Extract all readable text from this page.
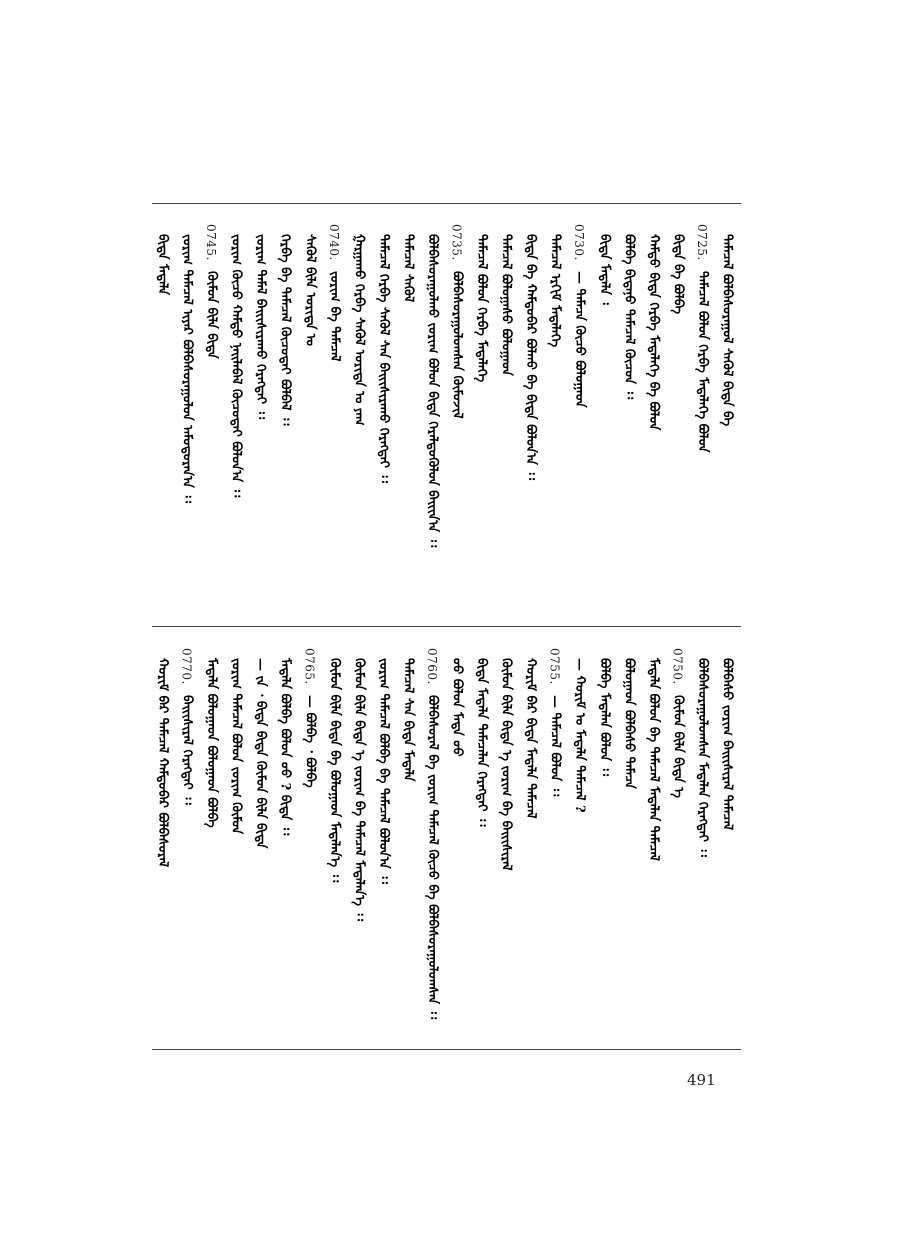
ᠪᠢᠳᠡ ᠮᠠᠳᠡᠯᠡ ᠵᠣᠷᠢᠭ ᠲᠡᠮᠡᠴᠡᠯ ᠢᠶᠡᠷ ᠪᠣᠯᠪᠠᠰᠤᠷᠠᠭᠤᠯᠤᠨ ᠠᠮᠤᠳᠤᠷᠠᠨ᠎ᠠ ᠄᠄ 0745.ᠬᠦᠮᠦᠨ ᠪᠢᠯᠡ ᠪᠢᠳᠡ ᠵᠣᠷᠢᠭ ᠬᠦᠴᠦ ᠬᠠᠮᠲᠤ ᠨᠡᠢᠯᠡᠪᠡᠯ ᠬᠦᠴᠦᠲᠡᠢ ᠪᠣᠯᠤᠨ᠎ᠠ ᠄᠄ ᠵᠣᠷᠢᠭ ᠲᠡᠮᠡᠯ ᠪᠠᠢᠢᠰᠢᠷᠠᠬᠤ ᠬᠡᠷᠡᠭᠲᠡᠢ ᠄᠄ ᠬᠡᠷᠪᠡ ᠪᠠ ᠲᠡᠮᠡᠴᠡᠯ ᠬᠦᠴᠦᠲᠡᠢ ᠪᠣᠯᠪᠠᠯ ᠄᠄ ᠰᠡᠭᠦᠯ ᠪᠢᠯᠡ ᠤᠷᠢᠳᠠ ᠤ 0740.ᠵᠣᠷᠢᠭ ᠪᠠ ᠲᠡᠮᠡᠴᠡᠯ ᠭᠠᠷᠭᠠᠬᠤ ᠬᠡᠷᠪᠡ ᠰᠡᠭᠦᠯ ᠤᠷᠢᠳᠠ ᠤ ᠶᠠᠭ ᠲᠡᠮᠡᠴᠡᠯ ᠬᠡᠷᠪᠡ ᠰᠡᠭᠦᠯ ᠰᠠᠨ ᠪᠠᠢᠢᠰᠢᠷᠠᠬᠤ ᠬᠡᠷᠡᠭᠲᠡᠢ ᠄᠄ ᠲᠡᠮᠡᠴᠡᠯ ᠰᠡᠭᠦᠯ ᠪᠣᠯᠪᠠᠰᠤᠷᠠᠭᠤᠯᠬᠤ ᠵᠣᠷᠢᠭ ᠪᠣᠯᠤᠨ ᠪᠢᠳᠡ ᠭᠡᠷᠡᠯᠲᠦᠭᠦᠯᠦᠨ ᠪᠠᠢᠢᠨ᠎ᠠ ᠄᠄ 0735.ᠪᠣᠯᠪᠠᠰᠤᠷᠠᠭᠤᠯᠤᠭᠰᠠᠨ ᠬᠦᠮᠦᠵᠢᠯ ᠲᠡᠮᠡᠴᠡᠯ ᠪᠣᠯᠤᠨ ᠬᠡᠷᠪᠡ ᠮᠠᠳᠡᠯᠡᠭᠡ ᠲᠡᠮᠡᠴᠡᠯ ᠪᠣᠯᠤᠭᠠᠰᠤ ᠪᠣᠯᠤᠭᠠᠳ ᠪᠢᠳᠡ ᠪᠠ ᠬᠠᠮᠲᠤᠪᠠᠷ ᠪᠣᠯᠬᠤ ᠪᠠ ᠪᠢᠳᠡ ᠪᠣᠯᠤᠨ᠎ᠠ ᠄᠄ ᠲᠡᠮᠡᠴᠡᠯ ᠡᠷᠬᠢᠮ ᠮᠠᠳᠡᠯᠡᠭᠡ 0730.— ᠲᠡᠮᠡᠴᠡ ᠬᠦᠴᠦ ᠪᠣᠯᠤᠭᠠᠳ
ᠪᠢᠳᠡ ᠮᠠᠳᠡᠯᠡ ᠄ ᠪᠣᠯᠪᠠ ᠪᠢᠳᠡᠨᠦ ᠲᠡᠮᠡᠴᠡᠯ ᠬᠦᠴᠦᠨ ᠄᠄ ᠬᠠᠮᠲᠤ ᠪᠢᠳᠡ ᠬᠡᠷᠪᠡ ᠮᠠᠳᠡᠯᠡᠭᠡ ᠪᠠ ᠪᠣᠯᠤᠨ ᠪᠢᠳᠡ ᠪᠠ ᠪᠣᠯᠪᠠ 0725.ᠲᠡᠮᠡᠴᠡᠯ ᠪᠣᠯᠤᠨ ᠬᠡᠷᠪᠡ ᠮᠠᠳᠡᠯᠡᠭᠡ ᠪᠣᠯᠤᠨ ᠲᠡᠮᠡᠴᠡᠯ ᠪᠣᠯᠪᠠᠰᠤᠷᠠᠭᠤᠯ ᠰᠡᠭᠦᠯ ᠪᠢᠳᠡ ᠪᠠ
ᠬᠣᠷᠢᠮ ᠪᠠᠷ ᠲᠡᠮᠡᠴᠡᠯ ᠬᠠᠮᠲᠤᠪᠠᠷ ᠪᠣᠯᠪᠠᠰᠤᠷᠠᠯ 0770.ᠪᠠᠢᠢᠰᠢᠷᠠᠯ ᠬᠡᠷᠡᠭᠲᠡᠢ ᠄᠄ ᠮᠠᠳᠡᠯᠡ ᠪᠣᠯᠤᠭᠠᠳ ᠪᠣᠯᠤᠭᠠᠳ ᠪᠣᠯᠪᠠ ᠵᠣᠷᠢᠭ ᠲᠡᠮᠡᠴᠡᠯ ᠪᠣᠯᠤᠨ ᠵᠣᠷᠢᠭ ᠬᠦᠮᠦᠨ — ᠵᠠ ᠂ ᠪᠢᠳᠡ ᠪᠢᠳᠡ ᠬᠦᠮᠦᠨ ᠪᠢᠯᠡ ᠪᠢᠳᠡ ᠮᠠᠳᠡᠯᠡ ᠪᠣᠯᠪᠠ ᠪᠣᠯᠤᠨ ᠤᠤ ? ᠪᠢᠳᠡ ᠄᠄ 0765.— ᠪᠣᠯᠪᠠ ᠂ ᠪᠣᠯᠪᠠ ᠬᠦᠮᠦᠨ ᠪᠢᠯᠡ ᠪᠢᠳᠡ ᠪᠠ ᠪᠣᠯᠤᠭᠠᠳ ᠮᠠᠳᠡᠯᠡᠨ᠎ᠡ ᠄᠄ ᠬᠦᠮᠦᠨ ᠪᠢᠯᠡ ᠪᠢᠳᠡ ᠡ ᠵᠣᠷᠢᠭ ᠪᠠ ᠲᠡᠮᠡᠴᠡᠯ ᠮᠠᠳᠡᠯᠡᠨ᠎ᠡ ᠄᠄ ᠵᠣᠷᠢᠭ ᠲᠡᠮᠡᠴᠡᠯ ᠪᠣᠯᠪᠠ ᠪᠠ ᠲᠡᠮᠡᠴᠡᠯ ᠪᠣᠯᠤᠨ᠎ᠠ ᠄᠄ ᠲᠡᠮᠡᠴᠡᠯ ᠰᠠᠨ ᠪᠢᠳᠡ ᠮᠠᠳᠡᠯᠡ 0760.ᠪᠣᠯᠪᠠᠰᠤᠷᠠᠯ ᠪᠠ ᠵᠣᠷᠢᠭ ᠲᠡᠮᠡᠴᠡᠯ ᠬᠦᠴᠦ ᠪᠠ ᠪᠣᠯᠪᠠᠰᠤᠷᠠᠭᠤᠯᠤᠭᠰᠠᠨ ᠄᠄ ᠤᠤ ᠪᠣᠯᠤᠨ ᠮᠠᠳᠡ ᠤᠤ ᠪᠢᠳᠡ ᠮᠠᠳᠡᠯᠡ ᠲᠡᠮᠡᠴᠡᠯᠡᠨ ᠬᠡᠷᠡᠭᠲᠡᠢ ᠄᠄ ᠬᠦᠮᠦᠨ ᠪᠢᠯᠡ ᠪᠢᠳᠡ ᠡ ᠵᠣᠷᠢᠭ ᠪᠠ ᠪᠠᠢᠢᠰᠢᠷᠠᠯ ᠬᠣᠷᠢᠮ ᠪᠠᠷ ᠪᠢᠳᠡ ᠮᠠᠳᠡᠯᠡ ᠲᠡᠮᠡᠴᠡᠯ 0755.— ᠲᠡᠮᠡᠴᠡᠯ ᠪᠣᠯᠤᠨ ᠄᠄ — ᠬᠣᠷᠢᠮ ᠤ ᠮᠠᠳᠡᠯᠡ ᠲᠡᠮᠡᠴᠡᠯ ? ᠪᠣᠯᠪᠠ ᠮᠠᠳᠡᠯᠡᠨ ᠪᠣᠯᠤᠨ ᠄᠄ ᠪᠣᠯᠤᠭᠠᠳ ᠪᠣᠯᠪᠠᠰᠤ ᠲᠡᠮᠡᠴᠡ ᠮᠠᠳᠡᠯᠡ ᠪᠣᠯᠤᠨ ᠪᠠ ᠲᠡᠮᠡᠴᠡᠯ ᠮᠠᠳᠡᠯᠡᠨ ᠲᠡᠮᠡᠴᠡᠯ 0750.ᠬᠦᠮᠦᠨ ᠪᠢᠯᠡ ᠪᠢᠳᠡ ᠡ ᠪᠣᠯᠪᠠᠰᠤᠷᠠᠭᠤᠯᠤᠭᠰᠠᠨ ᠮᠠᠳᠡᠯᠡᠨ ᠬᠡᠷᠡᠭᠲᠡᠢ ᠄᠄ ᠪᠣᠯᠪᠠᠰᠤ ᠵᠣᠷᠢᠭ ᠪᠠᠢᠢᠰᠢᠷᠠᠯ ᠲᠡᠮᠡᠴᠡᠯ
491
